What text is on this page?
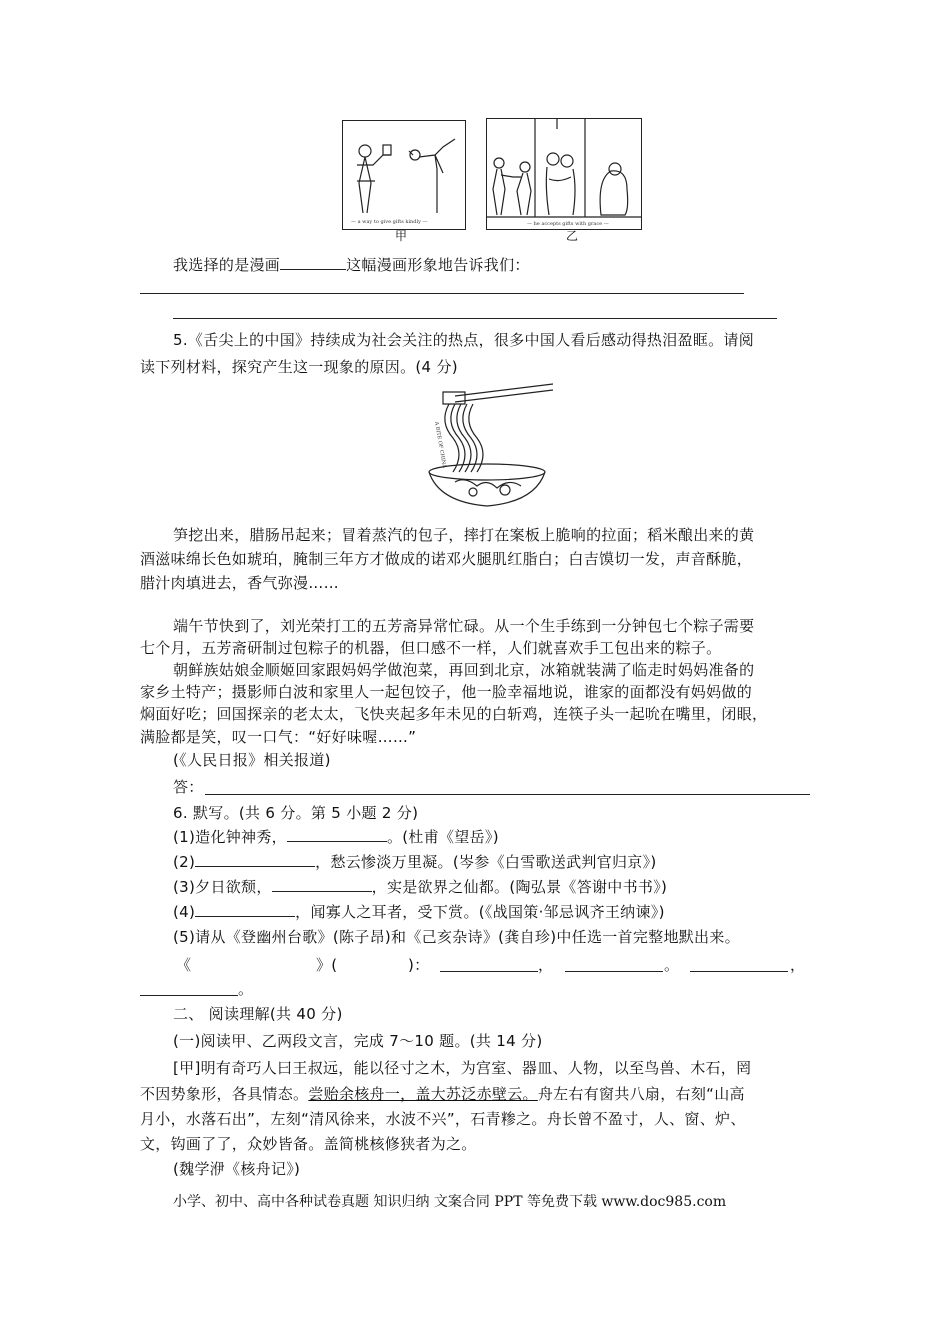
— a way to give gifts kindly —
甲
— he accepts gifts with grace —
乙
我选择的是漫画	这幅漫画形象地告诉我们：
5.《舌尖上的中国》持续成为社会关注的热点，很多中国人看后感动得热泪盈眶。请阅
读下列材料，探究产生这一现象的原因。(4 分)
A BITE OF CHINA
笋挖出来，腊肠吊起来；冒着蒸汽的包子，摔打在案板上脆响的拉面；稻米酿出来的黄
酒滋味绵长色如琥珀，腌制三年方才做成的诺邓火腿肌红脂白；白吉馍切一发，声音酥脆，
腊汁肉填进去，香气弥漫……
端午节快到了，刘光荣打工的五芳斋异常忙碌。从一个生手练到一分钟包七个粽子需要
七个月，五芳斋研制过包粽子的机器，但口感不一样，人们就喜欢手工包出来的粽子。
朝鲜族姑娘金顺姬回家跟妈妈学做泡菜，再回到北京，冰箱就装满了临走时妈妈准备的
家乡土特产；摄影师白波和家里人一起包饺子，他一脸幸福地说，谁家的面都没有妈妈做的
焖面好吃；回国探亲的老太太，飞快夹起多年未见的白斩鸡，连筷子头一起吮在嘴里，闭眼，
满脸都是笑，叹一口气：“好好味喔……”
(《人民日报》相关报道)
答：
6. 默写。(共 6 分。第 5 小题 2 分)
(1)造化钟神秀，	。(杜甫《望岳》)
(2)	，愁云惨淡万里凝。(岑参《白雪歌送武判官归京》)
(3)夕日欲颓，	，实是欲界之仙都。(陶弘景《答谢中书书》)
(4)	，闻寡人之耳者，受下赏。(《战国策·邹忌讽齐王纳谏》)
(5)请从《登幽州台歌》(陈子昂)和《己亥杂诗》(龚自珍)中任选一首完整地默出来。
《	》(	)：	，	。	，
。
二、 阅读理解(共 40 分)
(一)阅读甲、乙两段文言，完成 7～10 题。(共 14 分)
[甲]明有奇巧人曰王叔远，能以径寸之木，为宫室、器皿、人物，以至鸟兽、木石，罔
不因势象形，各具情态。尝贻余核舟一，盖大苏泛赤壁云。舟左右有窗共八扇，右刻“山高
月小，水落石出”，左刻“清风徐来，水波不兴”，石青糁之。舟长曾不盈寸，人、窗、炉、
文，钩画了了，众妙皆备。盖简桃核修狭者为之。
(魏学洢《核舟记》)
小学、初中、高中各种试卷真题 知识归纳 文案合同 PPT 等免费下载 www.doc985.com
